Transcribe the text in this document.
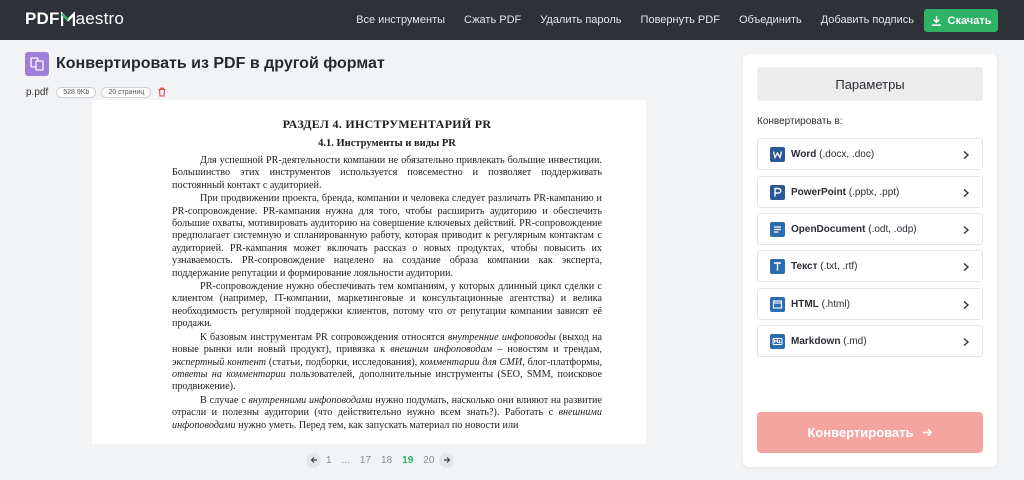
PDF aestro	Все инструменты Сжать PDF Удалить пароль Повернуть PDF Объединить Добавить подпись	Скачать
Конвертировать из PDF в другой формат
p.pdf	528.9Kb	20 страниц
РАЗДЕЛ 4. ИНСТРУМЕНТАРИЙ PR
4.1. Инструменты и виды PR

Для успешной PR-деятельности компании не обязательно привлекать большие инвестиции. Большинство этих инструментов используется повсеместно и позволяет поддерживать постоянный контакт с аудиторией.

При продвижении проекта, бренда, компании и человека следует различать PR-кампанию и PR-сопровождение. PR-кампания нужна для того, чтобы расширить аудиторию и обеспечить большие охваты, мотивировать аудиторию на совершение ключевых действий. PR-сопровождение предполагает системную и спланированную работу, которая приводит к регулярным контактам с аудиторией. PR-кампания может включать рассказ о новых продуктах, чтобы повысить их узнаваемость. PR-сопровождение нацелено на создание образа компании как эксперта, поддержание репутации и формирование лояльности аудитории.

PR-сопровождение нужно обеспечивать тем компаниям, у которых длинный цикл сделки с клиентом (например, IT-компании, маркетинговые и консультационные агентства) и велика необходимость регулярной поддержки клиентов, потому что от репутации компании зависят её продажи.

К базовым инструментам PR сопровождения относятся внутренние инфоповоды (выход на новые рынки или новый продукт), привязка к внешним инфоповодам – новостям и трендам, экспертный контент (статьи, подборки, исследования), комментарии для СМИ, блог-платформы, ответы на комментарии пользователей, дополнительные инструменты (SEO, SMM, поисковое продвижение).

В случае с внутренними инфоповодами нужно подумать, насколько они влияют на развитие отрасли и полезны аудитории (что действительно нужно всем знать?). Работать с внешними инфоповодами нужно уметь. Перед тем, как запускать материал по новости или

1 ... 17 18 19 20
Параметры
Конвертировать в:
Word (.docx, .doc)
PowerPoint (.pptx, .ppt)
OpenDocument (.odt, .odp)
Текст (.txt, .rtf)
HTML (.html)
Markdown (.md)
Конвертировать
